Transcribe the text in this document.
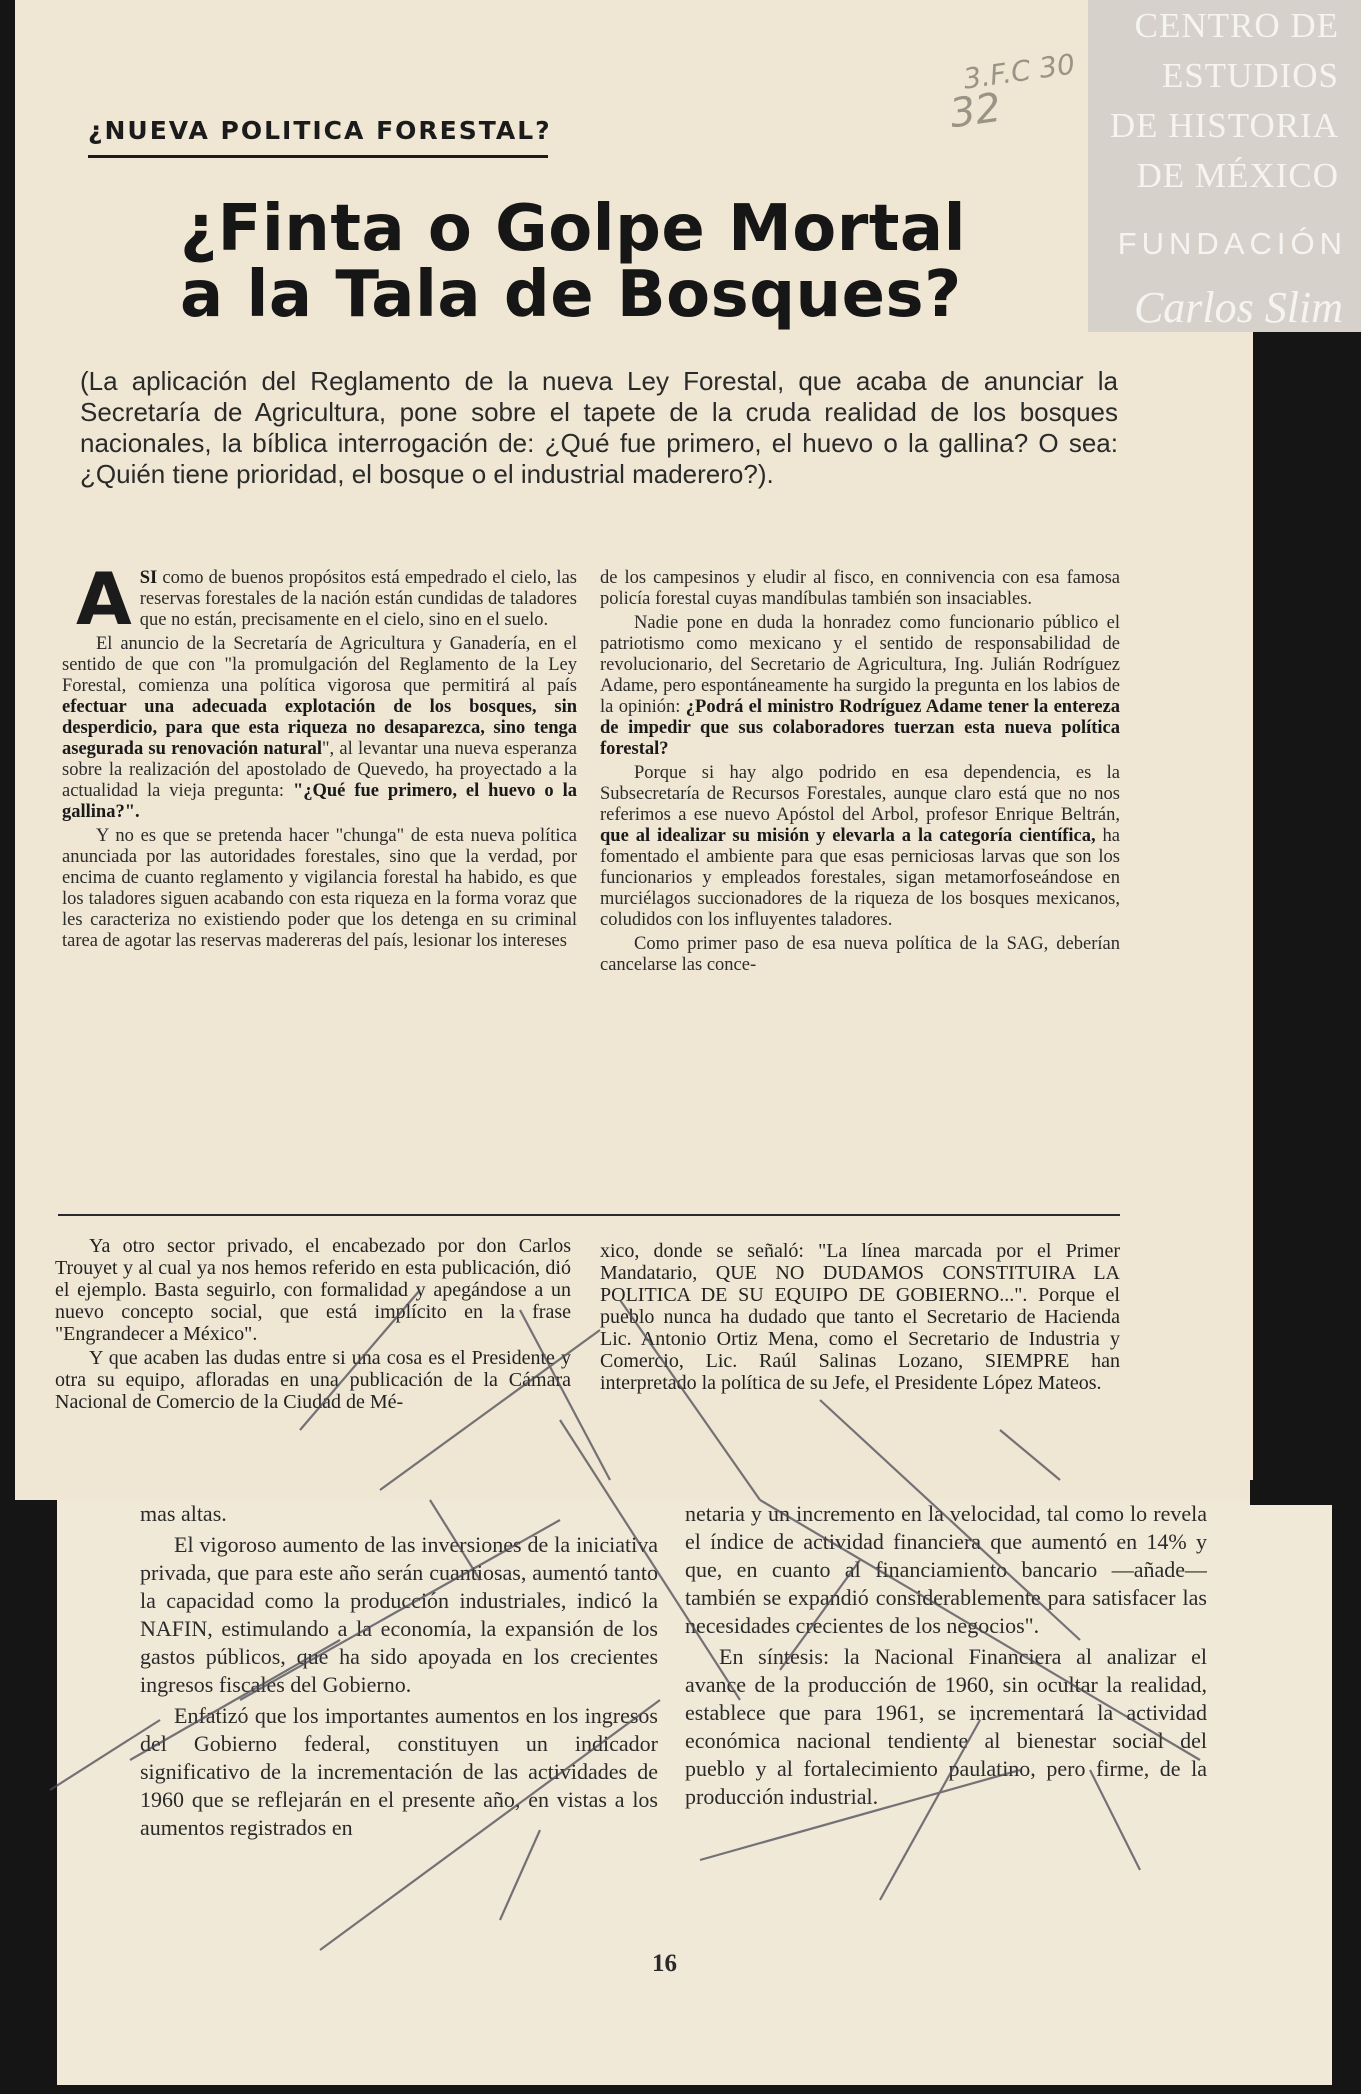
CENTRO DE
ESTUDIOS
DE HISTORIA
DE MÉXICO
FUNDACIÓN
Carlos Slim
3.F.C 30
32
¿NUEVA POLITICA FORESTAL?
¿Finta o Golpe Mortal
a la Tala de Bosques?
(La aplicación del Reglamento de la nueva Ley Forestal, que acaba de anunciar la Secretaría de Agricultura, pone sobre el tapete de la cruda realidad de los bosques nacionales, la bíblica interrogación de: ¿Qué fue primero, el huevo o la gallina? O sea: ¿Quién tiene prioridad, el bosque o el industrial maderero?).

ASI como de buenos propósitos está empedrado el cielo, las reservas forestales de la nación están cundidas de taladores que no están, precisamente en el cielo, sino en el suelo.

El anuncio de la Secretaría de Agricultura y Ganadería, en el sentido de que con "la promulgación del Reglamento de la Ley Forestal, comienza una política vigorosa que permitirá al país efectuar una adecuada explotación de los bosques, sin desperdicio, para que esta riqueza no desaparezca, sino tenga asegurada su renovación natural", al levantar una nueva esperanza sobre la realización del apostolado de Quevedo, ha proyectado a la actualidad la vieja pregunta: "¿Qué fue primero, el huevo o la gallina?".

Y no es que se pretenda hacer "chunga" de esta nueva política anunciada por las autoridades forestales, sino que la verdad, por encima de cuanto reglamento y vigilancia forestal ha habido, es que los taladores siguen acabando con esta riqueza en la forma voraz que les caracteriza no existiendo poder que los detenga en su criminal tarea de agotar las reservas madereras del país, lesionar los intereses

de los campesinos y eludir al fisco, en connivencia con esa famosa policía forestal cuyas mandíbulas también son insaciables.

Nadie pone en duda la honradez como funcionario público el patriotismo como mexicano y el sentido de responsabilidad de revolucionario, del Secretario de Agricultura, Ing. Julián Rodríguez Adame, pero espontáneamente ha surgido la pregunta en los labios de la opinión: ¿Podrá el ministro Rodríguez Adame tener la entereza de impedir que sus colaboradores tuerzan esta nueva política forestal?

Porque si hay algo podrido en esa dependencia, es la Subsecretaría de Recursos Forestales, aunque claro está que no nos referimos a ese nuevo Apóstol del Arbol, profesor Enrique Beltrán, que al idealizar su misión y elevarla a la categoría científica, ha fomentado el ambiente para que esas perniciosas larvas que son los funcionarios y empleados forestales, sigan metamorfoseándose en murciélagos succionadores de la riqueza de los bosques mexicanos, coludidos con los influyentes taladores.

Como primer paso de esa nueva política de la SAG, deberían cancelarse las conce-

Ya otro sector privado, el encabezado por don Carlos Trouyet y al cual ya nos hemos referido en esta publicación, dió el ejemplo. Basta seguirlo, con formalidad y apegándose a un nuevo concepto social, que está implícito en la frase "Engrandecer a México".

Y que acaben las dudas entre si una cosa es el Presidente y otra su equipo, afloradas en una publicación de la Cámara Nacional de Comercio de la Ciudad de Mé-

xico, donde se señaló: "La línea marcada por el Primer Mandatario, QUE NO DUDAMOS CONSTITUIRA LA POLITICA DE SU EQUIPO DE GOBIERNO...". Porque el pueblo nunca ha dudado que tanto el Secretario de Hacienda Lic. Antonio Ortiz Mena, como el Secretario de Industria y Comercio, Lic. Raúl Salinas Lozano, SIEMPRE han interpretado la política de su Jefe, el Presidente López Mateos.

mas altas.

El vigoroso aumento de las inversiones de la iniciativa privada, que para este año serán cuantiosas, aumentó tanto la capacidad como la producción industriales, indicó la NAFIN, estimulando a la economía, la expansión de los gastos públicos, que ha sido apoyada en los crecientes ingresos fiscales del Gobierno.

Enfatizó que los importantes aumentos en los ingresos del Gobierno federal, constituyen un indicador significativo de la incrementación de las actividades de 1960 que se reflejarán en el presente año, en vistas a los aumentos registrados en

netaria y un incremento en la velocidad, tal como lo revela el índice de actividad financiera que aumentó en 14% y que, en cuanto al financiamiento bancario —añade— también se expandió considerablemente para satisfacer las necesidades crecientes de los negocios".

En síntesis: la Nacional Financiera al analizar el avance de la producción de 1960, sin ocultar la realidad, establece que para 1961, se incrementará la actividad económica nacional tendiente al bienestar social del pueblo y al fortalecimiento paulatino, pero firme, de la producción industrial.

16
